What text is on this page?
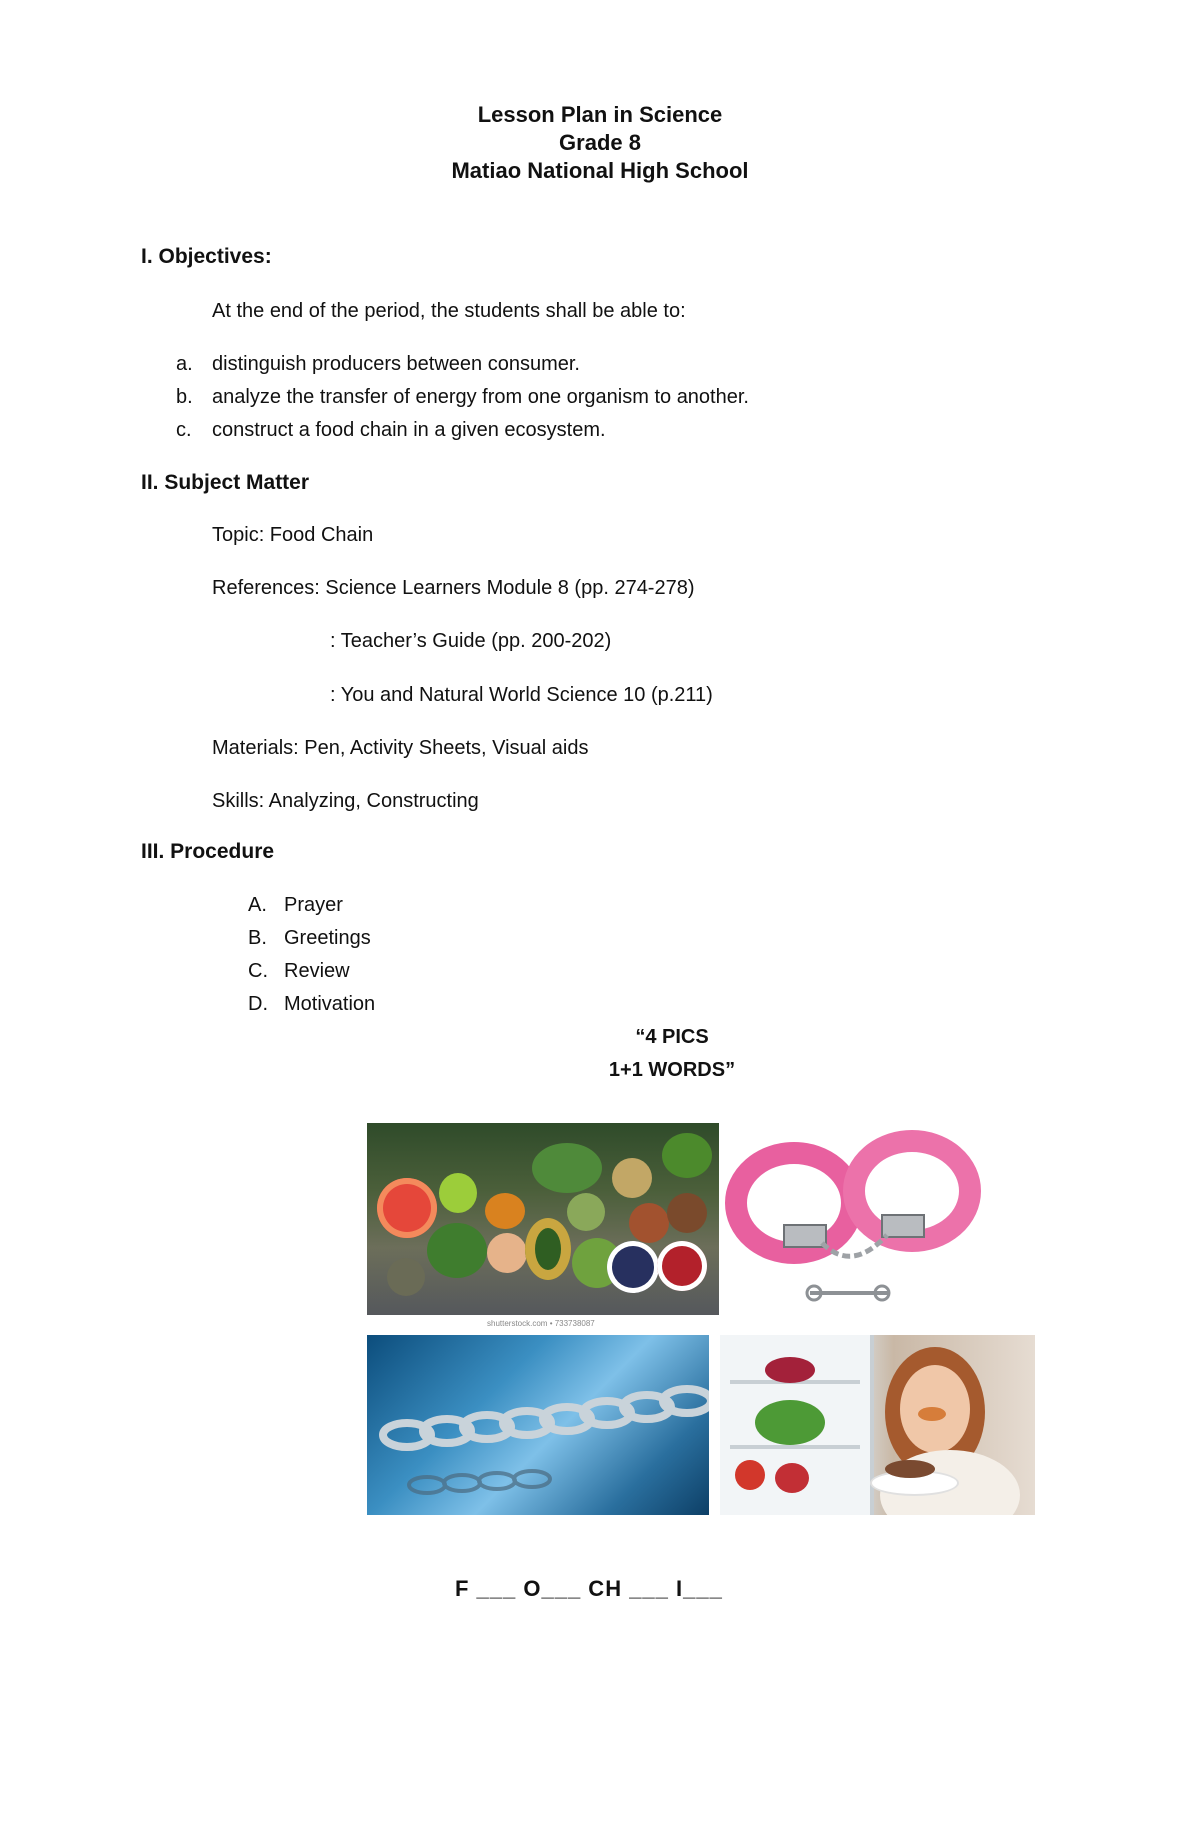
Lesson Plan in Science
Grade 8
Matiao National High School
I. Objectives:
At the end of the period, the students shall be able to:
a. distinguish producers between consumer.
b. analyze the transfer of energy from one organism to another.
c. construct a food chain in a given ecosystem.
II. Subject Matter
Topic: Food Chain
References: Science Learners Module 8 (pp. 274-278)
: Teacher’s Guide (pp. 200-202)
: You and Natural World Science 10 (p.211)
Materials: Pen, Activity Sheets, Visual aids
Skills: Analyzing, Constructing
III. Procedure
A. Prayer
B. Greetings
C. Review
D. Motivation
“4 PICS
1+1 WORDS”
shutterstock.com • 733738087
F ___ O___ CH ___ I___
